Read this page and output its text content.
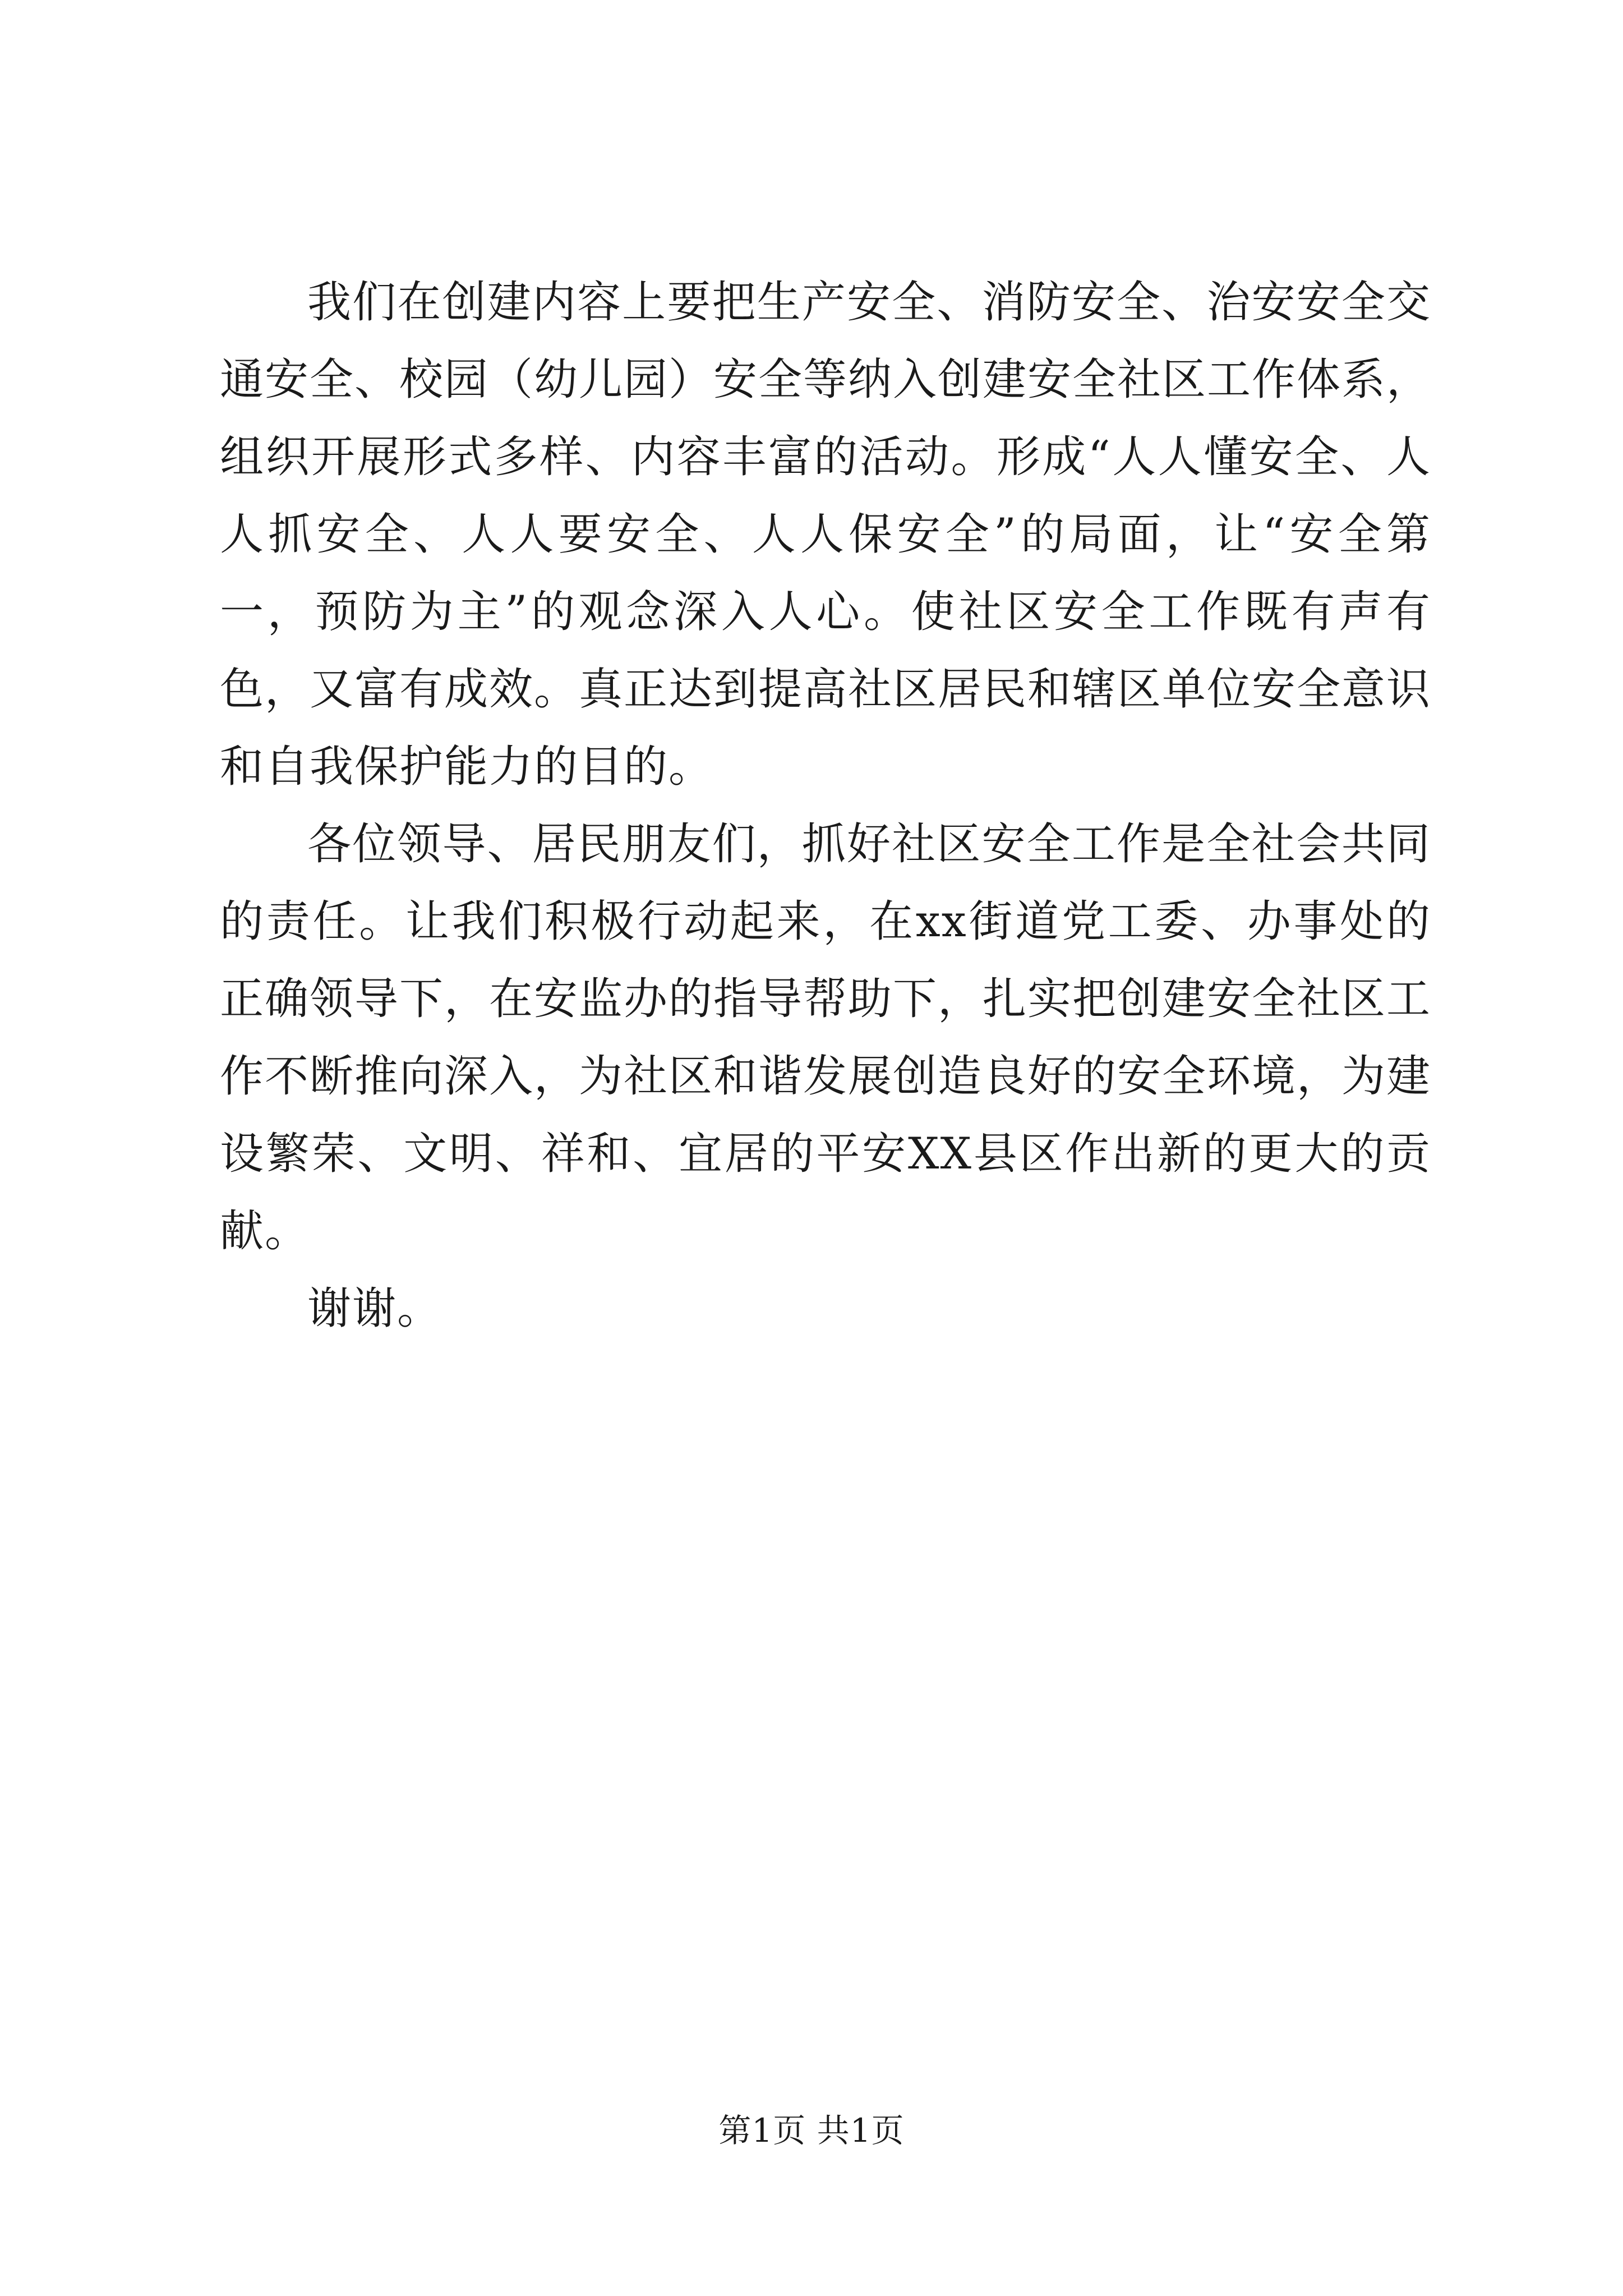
我们在创建内容上要把生产安全、消防安全、治安安全交通安全、校园（幼儿园）安全等纳入创建安全社区工作体系，组织开展形式多样、内容丰富的活动。形成“人人懂安全、人人抓安全、人人要安全、人人保安全”的局面，让“安全第一，预防为主”的观念深入人心。使社区安全工作既有声有色，又富有成效。真正达到提高社区居民和辖区单位安全意识和自我保护能力的目的。

各位领导、居民朋友们，抓好社区安全工作是全社会共同的责任。让我们积极行动起来，在xx街道党工委、办事处的正确领导下，在安监办的指导帮助下，扎实把创建安全社区工作不断推向深入，为社区和谐发展创造良好的安全环境，为建设繁荣、文明、祥和、宜居的平安XX县区作出新的更大的贡献。

谢谢。

第1页 共1页
